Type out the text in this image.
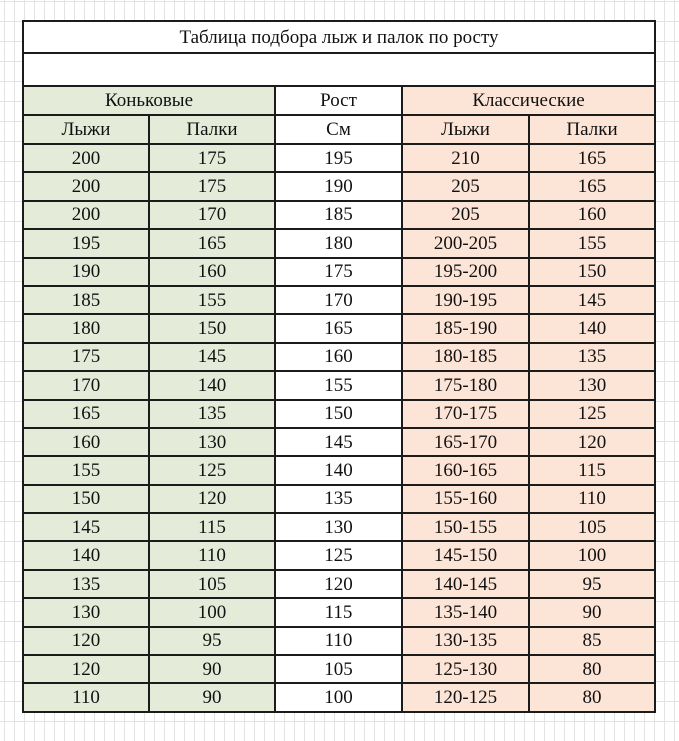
Таблица подбора лыж и палок по росту				

Коньковые		Рост	Классические	
Лыжи	Палки	См	Лыжи	Палки
200	175	195	210	165
200	175	190	205	165
200	170	185	205	160
195	165	180	200-205	155
190	160	175	195-200	150
185	155	170	190-195	145
180	150	165	185-190	140
175	145	160	180-185	135
170	140	155	175-180	130
165	135	150	170-175	125
160	130	145	165-170	120
155	125	140	160-165	115
150	120	135	155-160	110
145	115	130	150-155	105
140	110	125	145-150	100
135	105	120	140-145	95
130	100	115	135-140	90
120	95	110	130-135	85
120	90	105	125-130	80
110	90	100	120-125	80
